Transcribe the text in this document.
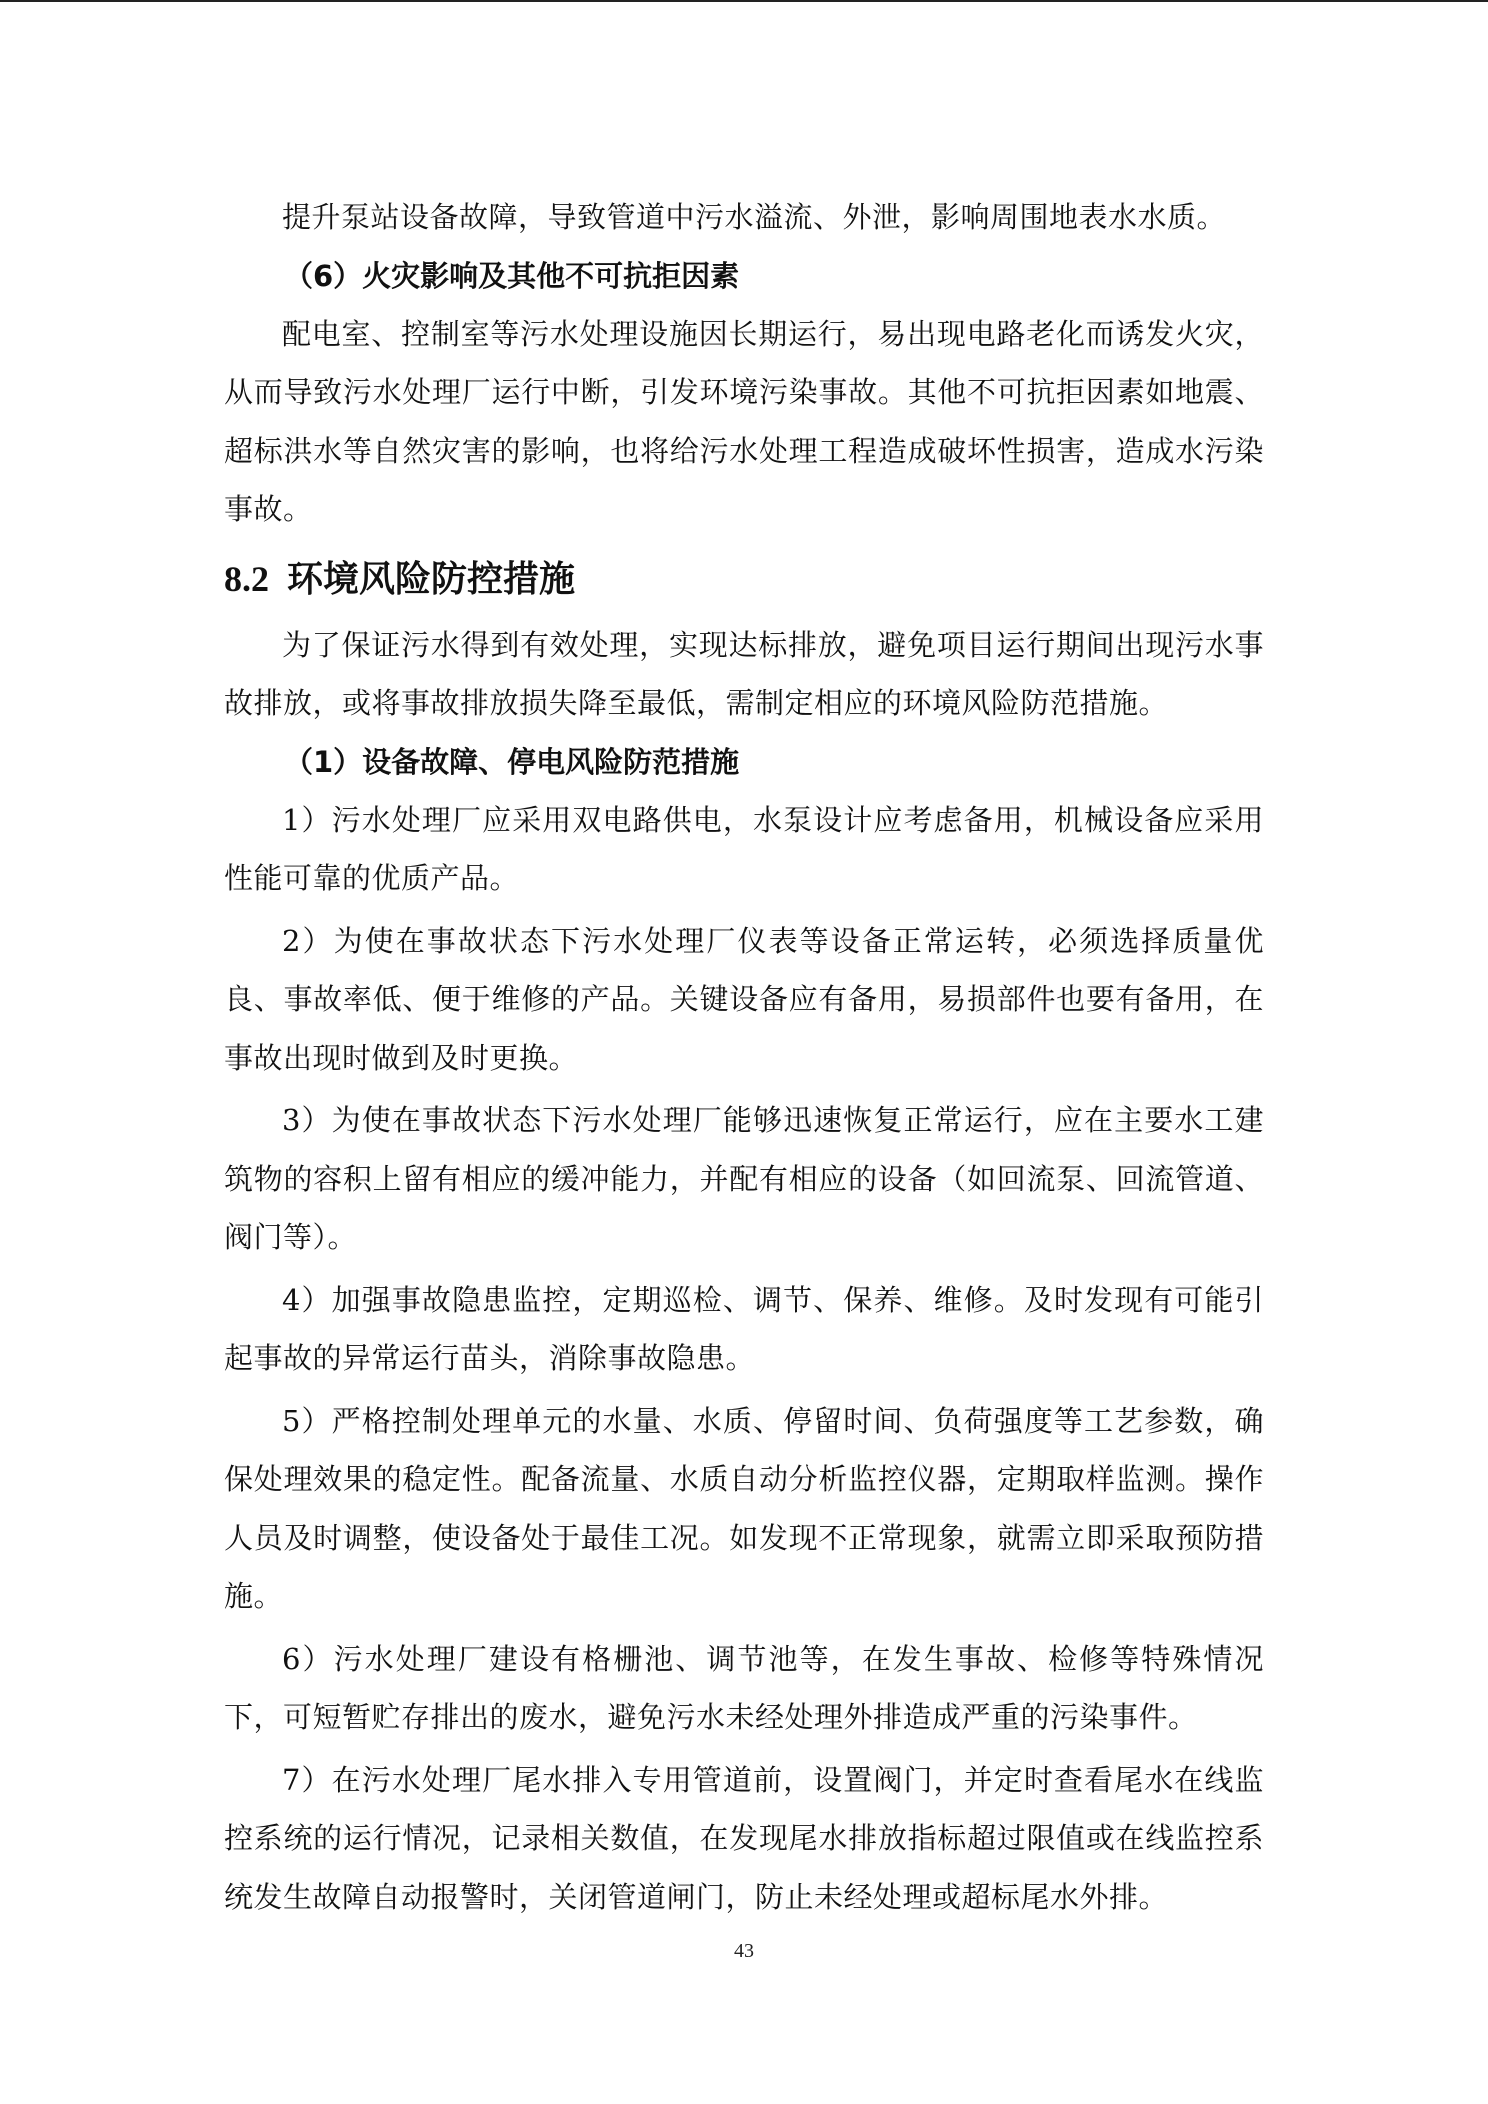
提升泵站设备故障，导致管道中污水溢流、外泄，影响周围地表水水质。

（6）火灾影响及其他不可抗拒因素

配电室、控制室等污水处理设施因长期运行，易出现电路老化而诱发火灾，从而导致污水处理厂运行中断，引发环境污染事故。其他不可抗拒因素如地震、超标洪水等自然灾害的影响，也将给污水处理工程造成破坏性损害，造成水污染事故。

8.2 环境风险防控措施

为了保证污水得到有效处理，实现达标排放，避免项目运行期间出现污水事故排放，或将事故排放损失降至最低，需制定相应的环境风险防范措施。

（1）设备故障、停电风险防范措施

1）污水处理厂应采用双电路供电，水泵设计应考虑备用，机械设备应采用性能可靠的优质产品。

2）为使在事故状态下污水处理厂仪表等设备正常运转，必须选择质量优良、事故率低、便于维修的产品。关键设备应有备用，易损部件也要有备用，在事故出现时做到及时更换。

3）为使在事故状态下污水处理厂能够迅速恢复正常运行，应在主要水工建筑物的容积上留有相应的缓冲能力，并配有相应的设备（如回流泵、回流管道、阀门等）。

4）加强事故隐患监控，定期巡检、调节、保养、维修。及时发现有可能引起事故的异常运行苗头，消除事故隐患。

5）严格控制处理单元的水量、水质、停留时间、负荷强度等工艺参数，确保处理效果的稳定性。配备流量、水质自动分析监控仪器，定期取样监测。操作人员及时调整，使设备处于最佳工况。如发现不正常现象，就需立即采取预防措施。

6）污水处理厂建设有格栅池、调节池等，在发生事故、检修等特殊情况下，可短暂贮存排出的废水，避免污水未经处理外排造成严重的污染事件。

7）在污水处理厂尾水排入专用管道前，设置阀门，并定时查看尾水在线监控系统的运行情况，记录相关数值，在发现尾水排放指标超过限值或在线监控系统发生故障自动报警时，关闭管道闸门，防止未经处理或超标尾水外排。

43
